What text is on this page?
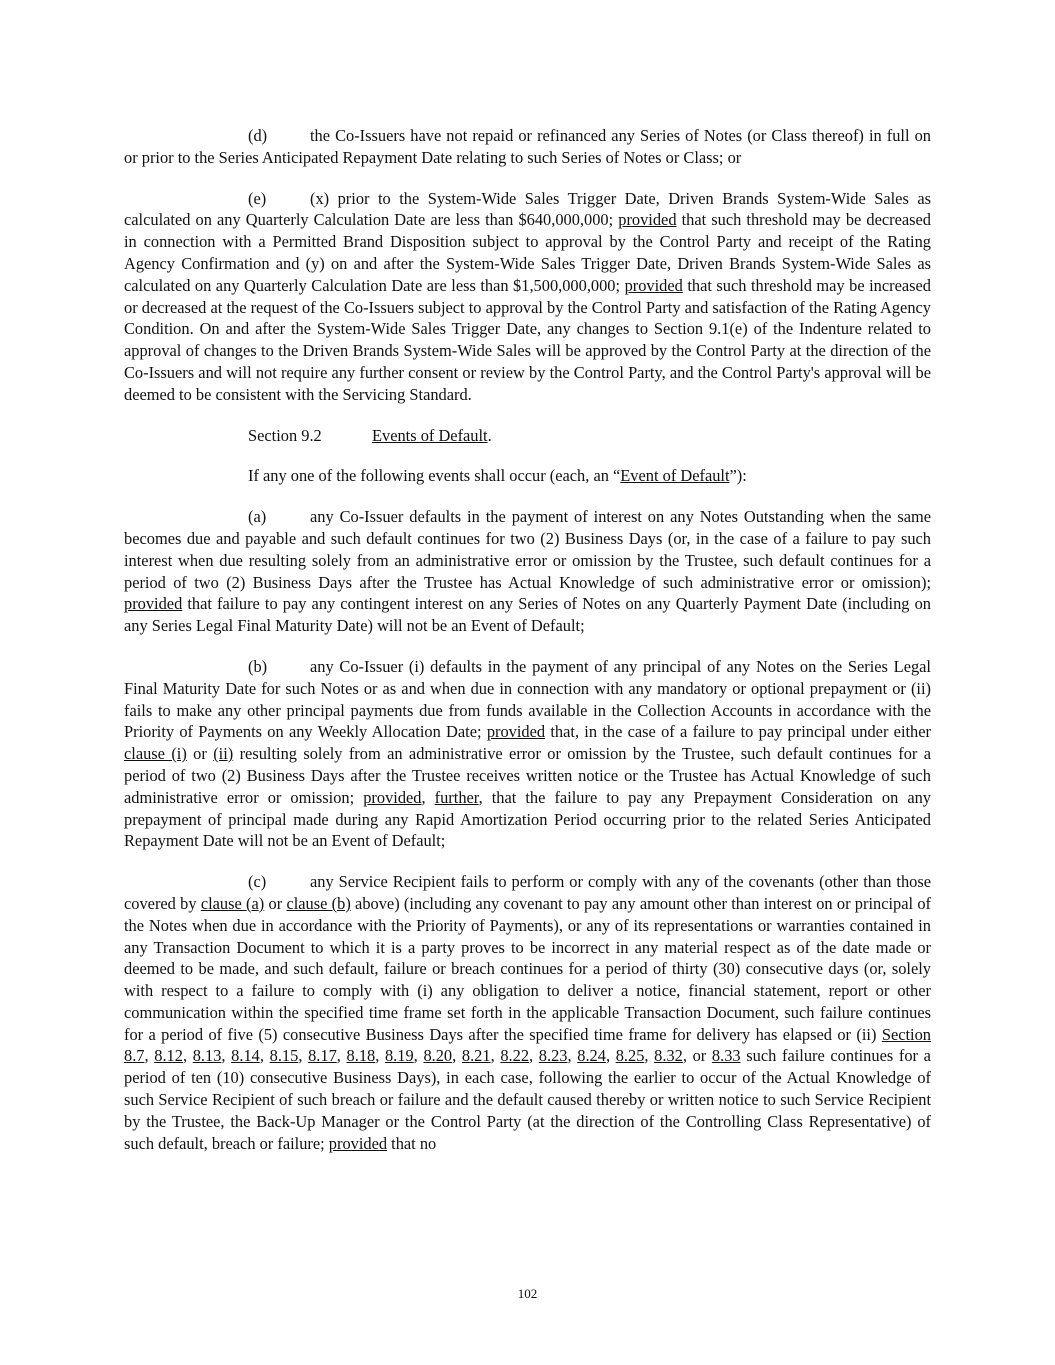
(d)	the Co-Issuers have not repaid or refinanced any Series of Notes (or Class thereof) in full on or prior to the Series Anticipated Repayment Date relating to such Series of Notes or Class; or

(e)	(x) prior to the System-Wide Sales Trigger Date, Driven Brands System-Wide Sales as calculated on any Quarterly Calculation Date are less than $640,000,000; provided that such threshold may be decreased in connection with a Permitted Brand Disposition subject to approval by the Control Party and receipt of the Rating Agency Confirmation and (y) on and after the System-Wide Sales Trigger Date, Driven Brands System-Wide Sales as calculated on any Quarterly Calculation Date are less than $1,500,000,000; provided that such threshold may be increased or decreased at the request of the Co-Issuers subject to approval by the Control Party and satisfaction of the Rating Agency Condition. On and after the System-Wide Sales Trigger Date, any changes to Section 9.1(e) of the Indenture related to approval of changes to the Driven Brands System-Wide Sales will be approved by the Control Party at the direction of the Co-Issuers and will not require any further consent or review by the Control Party, and the Control Party's approval will be deemed to be consistent with the Servicing Standard.

Section 9.2	Events of Default.

If any one of the following events shall occur (each, an “Event of Default”):

(a)	any Co-Issuer defaults in the payment of interest on any Notes Outstanding when the same becomes due and payable and such default continues for two (2) Business Days (or, in the case of a failure to pay such interest when due resulting solely from an administrative error or omission by the Trustee, such default continues for a period of two (2) Business Days after the Trustee has Actual Knowledge of such administrative error or omission); provided that failure to pay any contingent interest on any Series of Notes on any Quarterly Payment Date (including on any Series Legal Final Maturity Date) will not be an Event of Default;

(b)	any Co-Issuer (i) defaults in the payment of any principal of any Notes on the Series Legal Final Maturity Date for such Notes or as and when due in connection with any mandatory or optional prepayment or (ii) fails to make any other principal payments due from funds available in the Collection Accounts in accordance with the Priority of Payments on any Weekly Allocation Date; provided that, in the case of a failure to pay principal under either clause (i) or (ii) resulting solely from an administrative error or omission by the Trustee, such default continues for a period of two (2) Business Days after the Trustee receives written notice or the Trustee has Actual Knowledge of such administrative error or omission; provided, further, that the failure to pay any Prepayment Consideration on any prepayment of principal made during any Rapid Amortization Period occurring prior to the related Series Anticipated Repayment Date will not be an Event of Default;

(c)	any Service Recipient fails to perform or comply with any of the covenants (other than those covered by clause (a) or clause (b) above) (including any covenant to pay any amount other than interest on or principal of the Notes when due in accordance with the Priority of Payments), or any of its representations or warranties contained in any Transaction Document to which it is a party proves to be incorrect in any material respect as of the date made or deemed to be made, and such default, failure or breach continues for a period of thirty (30) consecutive days (or, solely with respect to a failure to comply with (i) any obligation to deliver a notice, financial statement, report or other communication within the specified time frame set forth in the applicable Transaction Document, such failure continues for a period of five (5) consecutive Business Days after the specified time frame for delivery has elapsed or (ii) Section 8.7, 8.12, 8.13, 8.14, 8.15, 8.17, 8.18, 8.19, 8.20, 8.21, 8.22, 8.23, 8.24, 8.25, 8.32, or 8.33 such failure continues for a period of ten (10) consecutive Business Days), in each case, following the earlier to occur of the Actual Knowledge of such Service Recipient of such breach or failure and the default caused thereby or written notice to such Service Recipient by the Trustee, the Back-Up Manager or the Control Party (at the direction of the Controlling Class Representative) of such default, breach or failure; provided that no

102
